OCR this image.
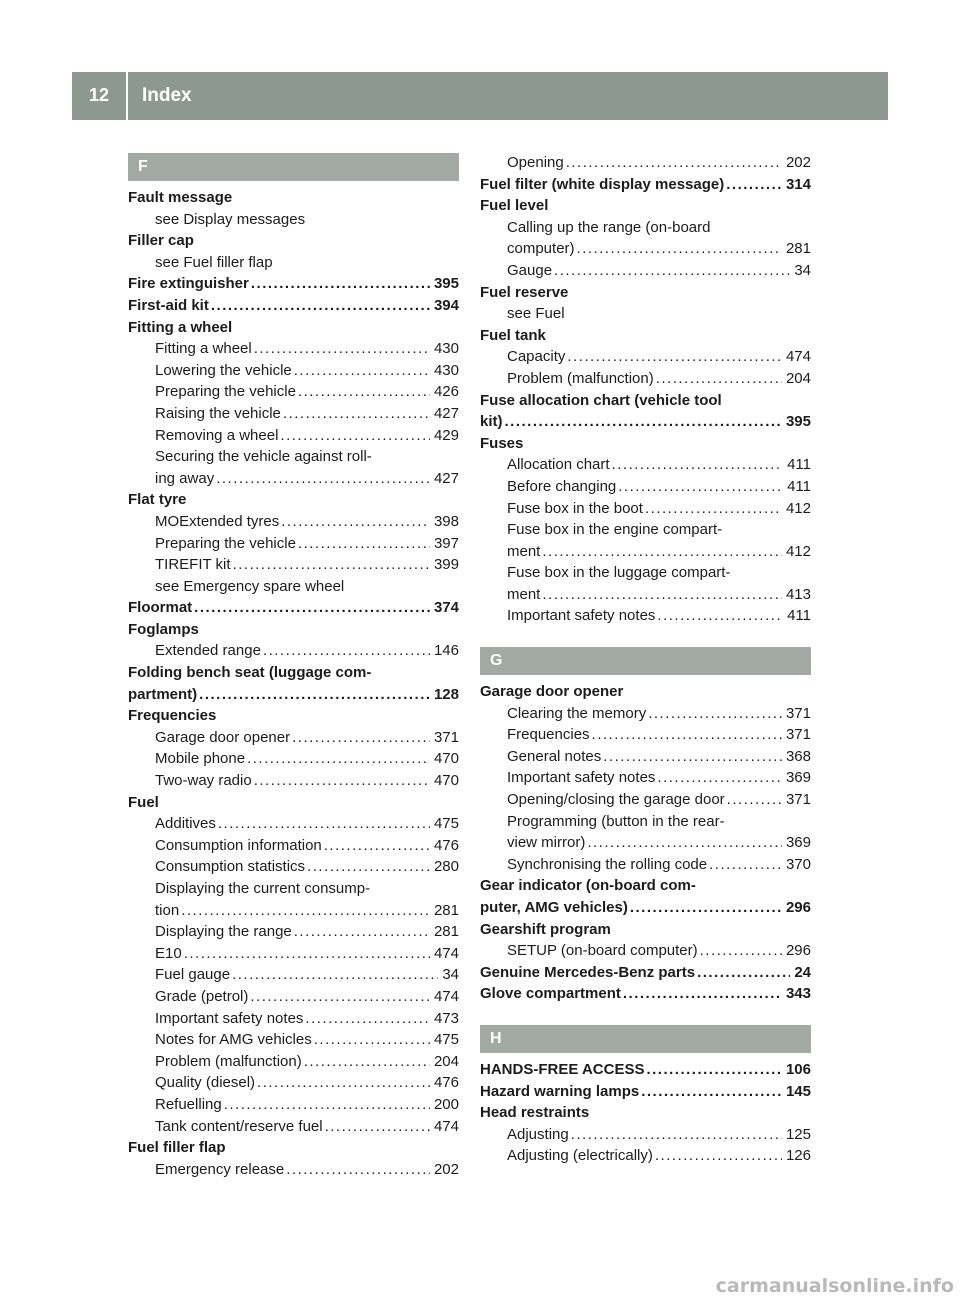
12	Index
F
Fault message
see Display messages
Filler cap
see Fuel filler flap
Fire extinguisher .....	395
First-aid kit .....	394
Fitting a wheel
Fitting a wheel .....	430
Lowering the vehicle .....	430
Preparing the vehicle .....	426
Raising the vehicle .....	427
Removing a wheel .....	429
Securing the vehicle against roll-
ing away .....	427
Flat tyre
MOExtended tyres .....	398
Preparing the vehicle .....	397
TIREFIT kit .....	399
see Emergency spare wheel
Floormat .....	374
Foglamps
Extended range .....	146
Folding bench seat (luggage com-
partment) .....	128
Frequencies
Garage door opener .....	371
Mobile phone .....	470
Two-way radio .....	470
Fuel
Additives .....	475
Consumption information .....	476
Consumption statistics .....	280
Displaying the current consump-
tion .....	281
Displaying the range .....	281
E10 .....	474
Fuel gauge .....	34
Grade (petrol) .....	474
Important safety notes .....	473
Notes for AMG vehicles .....	475
Problem (malfunction) .....	204
Quality (diesel) .....	476
Refuelling .....	200
Tank content/reserve fuel .....	474
Fuel filler flap
Emergency release .....	202
Opening .....	202
Fuel filter (white display message) .....	314
Fuel level
Calling up the range (on-board
computer) .....	281
Gauge .....	34
Fuel reserve
see Fuel
Fuel tank
Capacity .....	474
Problem (malfunction) .....	204
Fuse allocation chart (vehicle tool
kit) .....	395
Fuses
Allocation chart .....	411
Before changing .....	411
Fuse box in the boot .....	412
Fuse box in the engine compart-
ment .....	412
Fuse box in the luggage compart-
ment .....	413
Important safety notes .....	411
G
Garage door opener
Clearing the memory .....	371
Frequencies .....	371
General notes .....	368
Important safety notes .....	369
Opening/closing the garage door .....	371
Programming (button in the rear-
view mirror) .....	369
Synchronising the rolling code .....	370
Gear indicator (on-board com-
puter, AMG vehicles) .....	296
Gearshift program
SETUP (on-board computer) .....	296
Genuine Mercedes-Benz parts .....	24
Glove compartment .....	343
H
HANDS-FREE ACCESS .....	106
Hazard warning lamps .....	145
Head restraints
Adjusting .....	125
Adjusting (electrically) .....	126
carmanualsonline.info
